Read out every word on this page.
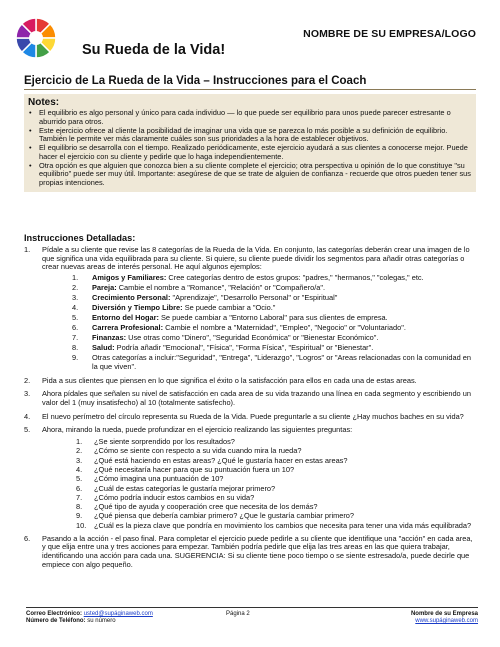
Su Rueda de la Vida!
NOMBRE DE SU EMPRESA/LOGO
Ejercicio de La Rueda de la Vida – Instrucciones para el Coach
Notes:
• El equilibrio es algo personal y único para cada individuo — lo que puede ser equilibrio para unos puede parecer estresante o aburrido para otros.
• Este ejercicio ofrece al cliente la posibilidad de imaginar una vida que se parezca lo más posible a su definición de equilibrio. También le permite ver más claramente cuáles son sus prioridades a la hora de establecer objetivos.
• El equilibrio se desarrolla con el tiempo. Realizado periódicamente, este ejercicio ayudará a sus clientes a conocerse mejor. Puede hacer el ejercicio con su cliente y pedirle que lo haga independientemente.
• Otra opción es que alguien que conozca bien a su cliente complete el ejercicio; otra perspectiva u opinión de lo que constituye "su equilibrio" puede ser muy útil. Importante: asegúrese de que se trate de alguien de confianza - recuerde que otros pueden tener sus propias intenciones.
Instrucciones Detalladas:
1. Pídale a su cliente que revise las 8 categorías de la Rueda de la Vida. En conjunto, las categorías deberán crear una imagen de lo que significa una vida equilibrada para su cliente. Si quiere, su cliente puede dividir los segmentos para añadir otras categorías o crear nuevas areas de interés personal. He aquí algunos ejemplos:
1. Amigos y Familiares: Cree categorías dentro de estos grupos: "padres," "hermanos," "colegas," etc.
2. Pareja: Cambie el nombre a "Romance", "Relación" or "Compañero/a".
3. Crecimiento Personal: "Aprendizaje", "Desarrollo Personal" or "Espiritual"
4. Diversión y Tiempo Libre: Se puede cambiar a "Ocio."
5. Entorno del Hogar: Se puede cambiar a "Entorno Laboral" para sus clientes de empresa.
6. Carrera Profesional: Cambie el nombre a "Maternidad", "Empleo", "Negocio" or "Voluntariado".
7. Finanzas: Use otras como "Dinero", "Seguridad Económica" or "Bienestar Económico".
8. Salud: Podría añadir "Emocional", "Física", "Forma Física", "Espiritual" or "Bienestar".
9. Otras categorías a incluir:"Seguridad", "Entrega", "Liderazgo", "Logros" or "Areas relacionadas con la comunidad en la que viven".
2. Pida a sus clientes que piensen en lo que significa el éxito o la satisfacción para ellos en cada una de estas areas.
3. Ahora pídales que señalen su nivel de satisfacción en cada area de su vida trazando una línea en cada segmento y escribiendo un valor del 1 (muy insatisfecho) al 10 (totalmente satisfecho).
4. El nuevo perímetro del círculo representa su Rueda de la Vida. Puede preguntarle a su cliente ¿Hay muchos baches en su vida?
5. Ahora, mirando la rueda, puede profundizar en el ejercicio realizando las siguientes preguntas:
1. ¿Se siente sorprendido por los resultados?
2. ¿Cómo se siente con respecto a su vida cuando mira la rueda?
3. ¿Qué está haciendo en estas areas? ¿Qué le gustaría hacer en estas areas?
4. ¿Qué necesitaría hacer para que su puntuación fuera un 10?
5. ¿Cómo imagina una puntuación de 10?
6. ¿Cuál de estas categorías le gustaría mejorar primero?
7. ¿Cómo podría inducir estos cambios en su vida?
8. ¿Qué tipo de ayuda y cooperación cree que necesita de los demás?
9. ¿Qué piensa que debería cambiar primero? ¿Que le gustaría cambiar primero?
10. ¿Cuál es la pieza clave que pondría en movimiento los cambios que necesita para tener una vida más equilibrada?
6. Pasando a la acción - el paso final. Para completar el ejercicio puede pedirle a su cliente que identifique una "acción" en cada area, y que elija entre una y tres acciones para empezar. También podría pedirle que elija las tres areas en las que quiera trabajar, identificando una acción para cada una. SUGERENCIA: Si su cliente tiene poco tiempo o se siente estresado/a, puede decirle que empiece con algo pequeño.
Correo Electrónico: usted@supáginaweb.com
Número de Teléfono: su número
Página 2	Nombre de su Empresa
www.supáginaweb.com
